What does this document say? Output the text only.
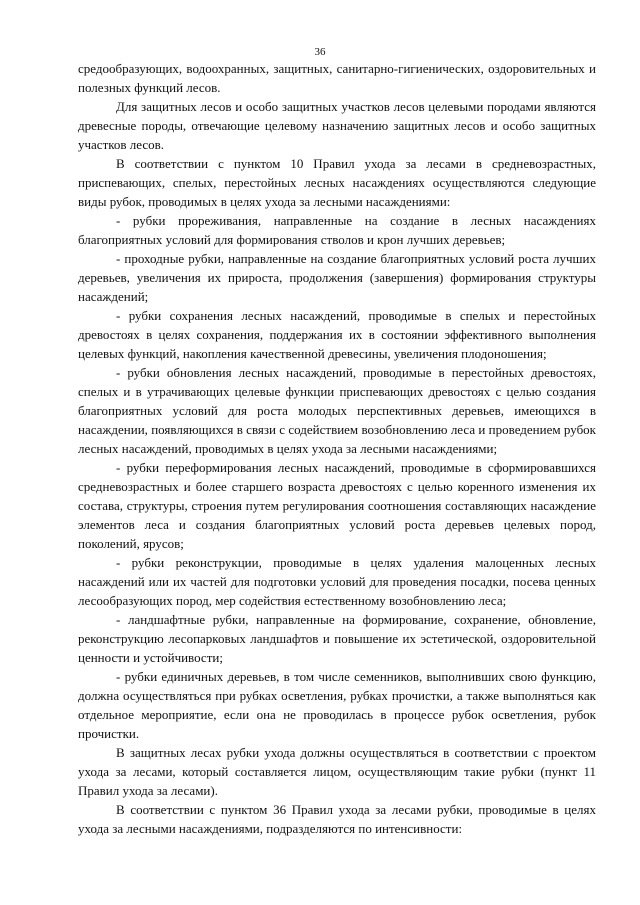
36

средообразующих, водоохранных, защитных, санитарно-гигиенических, оздоровительных и полезных функций лесов.

Для защитных лесов и особо защитных участков лесов целевыми породами являются древесные породы, отвечающие целевому назначению защитных лесов и особо защитных участков лесов.

В соответствии с пунктом 10 Правил ухода за лесами в средневозрастных, приспевающих, спелых, перестойных лесных насаждениях осуществляются следующие виды рубок, проводимых в целях ухода за лесными насаждениями:

- рубки прореживания, направленные на создание в лесных насаждениях благоприятных условий для формирования стволов и крон лучших деревьев;

- проходные рубки, направленные на создание благоприятных условий роста лучших деревьев, увеличения их прироста, продолжения (завершения) формирования структуры насаждений;

- рубки сохранения лесных насаждений, проводимые в спелых и перестойных древостоях в целях сохранения, поддержания их в состоянии эффективного выполнения целевых функций, накопления качественной древесины, увеличения плодоношения;

- рубки обновления лесных насаждений, проводимые в перестойных древостоях, спелых и в утрачивающих целевые функции приспевающих древостоях с целью создания благоприятных условий для роста молодых перспективных деревьев, имеющихся в насаждении, появляющихся в связи с содействием возобновлению леса и проведением рубок лесных насаждений, проводимых в целях ухода за лесными насаждениями;

- рубки переформирования лесных насаждений, проводимые в сформировавшихся средневозрастных и более старшего возраста древостоях с целью коренного изменения их состава, структуры, строения путем регулирования соотношения составляющих насаждение элементов леса и создания благоприятных условий роста деревьев целевых пород, поколений, ярусов;

- рубки реконструкции, проводимые в целях удаления малоценных лесных насаждений или их частей для подготовки условий для проведения посадки, посева ценных лесообразующих пород, мер содействия естественному возобновлению леса;

- ландшафтные рубки, направленные на формирование, сохранение, обновление, реконструкцию лесопарковых ландшафтов и повышение их эстетической, оздоровительной ценности и устойчивости;

- рубки единичных деревьев, в том числе семенников, выполнивших свою функцию, должна осуществляться при рубках осветления, рубках прочистки, а также выполняться как отдельное мероприятие, если она не проводилась в процессе рубок осветления, рубок прочистки.

В защитных лесах рубки ухода должны осуществляться в соответствии с проектом ухода за лесами, который составляется лицом, осуществляющим такие рубки (пункт 11 Правил ухода за лесами).

В соответствии с пунктом 36 Правил ухода за лесами рубки, проводимые в целях ухода за лесными насаждениями, подразделяются по интенсивности:
